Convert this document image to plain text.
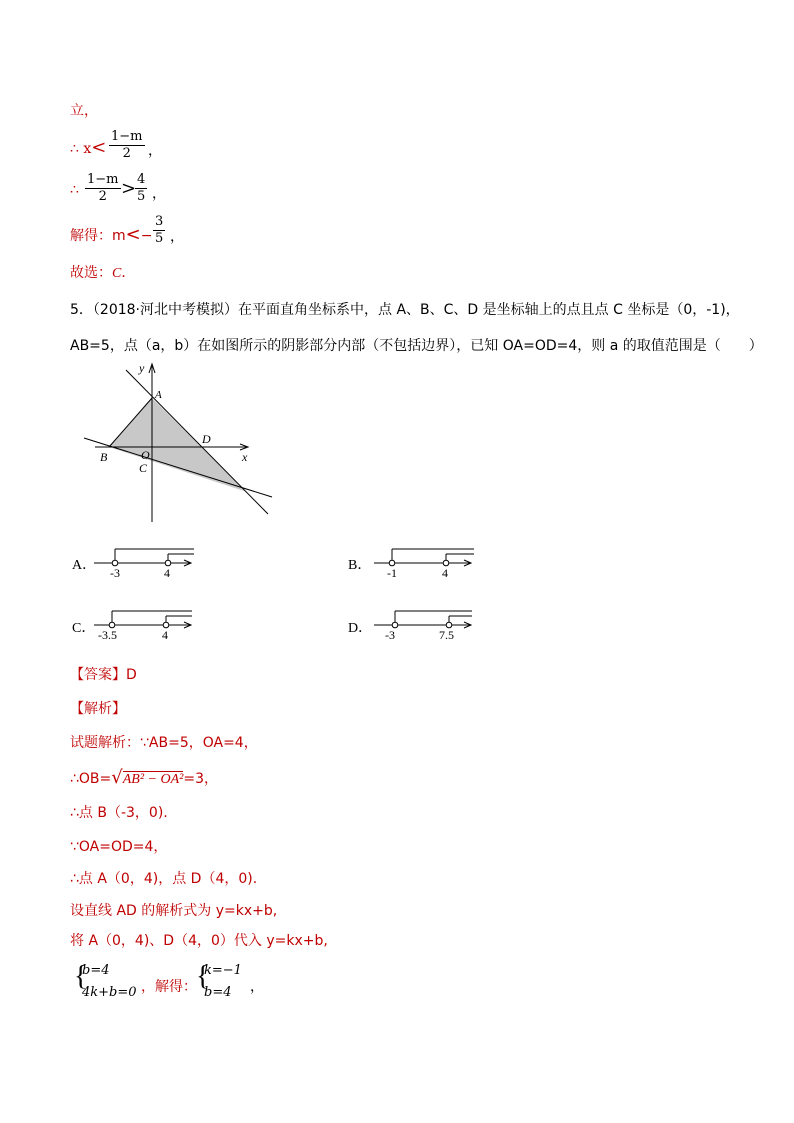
立，
∴ $x< \frac{1-m}{2}$ ，
∴ $\frac{1-m}{2}$ >
$\frac{4}{5}$ ，
解得：$m<- \frac{3}{5}$ ，
故选：C．
5．（2018·河北中考模拟）在平面直角坐标系中，点 A、B、C、D 是坐标轴上的点且点 C 坐标是（0，-1)，
AB=5，点（a，b）在如图所示的阴影部分内部（不包括边界），已知 OA=OD=4，则 a 的取值范围是（　　）
y
x
A
B
C
D
O
A． -3	4	B． -1	4
C． -3.5	4	D． -3	7.5
【答案】D
【解析】
试题解析：∵AB=5，OA=4，
∴OB=√AB² − OA²=3，
∴点 B（-3，0).
∵OA=OD=4，
∴点 A（0，4)，点 D（4，0).
设直线 AD 的解析式为 y=kx+b,
将 A（0，4)、D（4，0）代入 y=kx+b,
{
b=4
4k+b=0 ，解得： {
k=−1
b=4 ，
